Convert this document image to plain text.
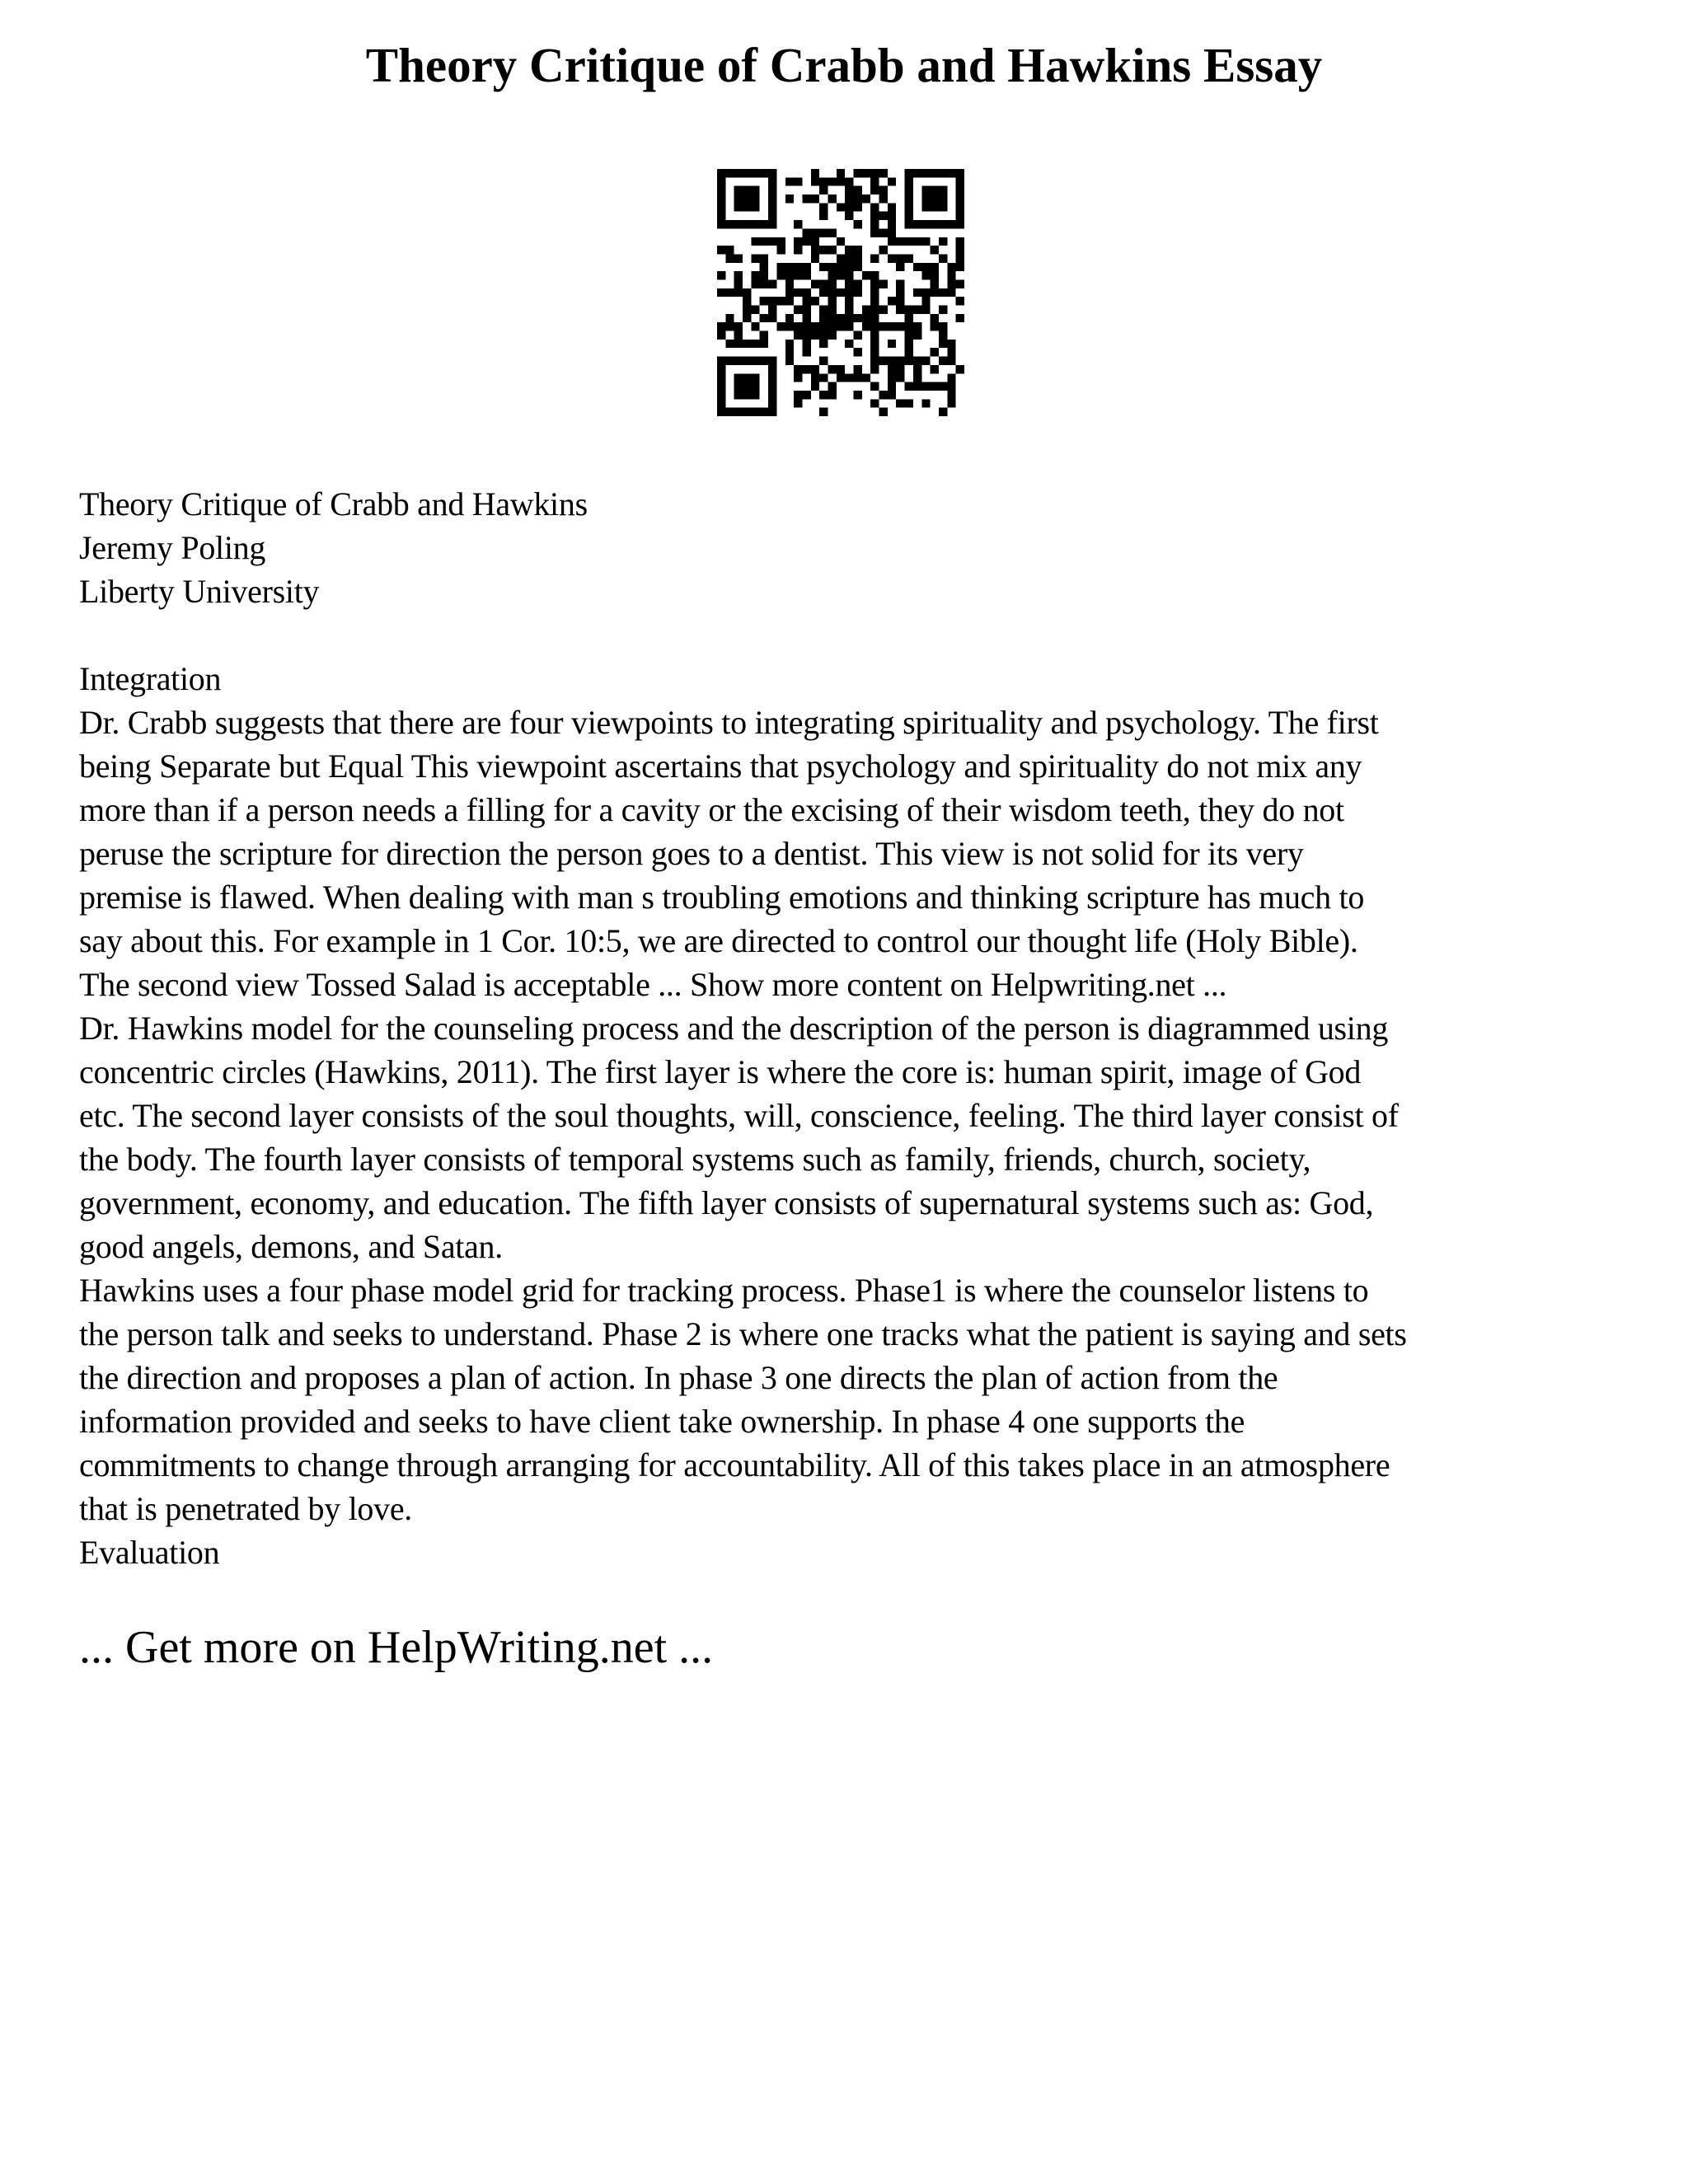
Theory Critique of Crabb and Hawkins Essay
Theory Critique of Crabb and Hawkins
Jeremy Poling
Liberty University
Integration
Dr. Crabb suggests that there are four viewpoints to integrating spirituality and psychology. The first
being Separate but Equal This viewpoint ascertains that psychology and spirituality do not mix any
more than if a person needs a filling for a cavity or the excising of their wisdom teeth, they do not
peruse the scripture for direction the person goes to a dentist. This view is not solid for its very
premise is flawed. When dealing with man s troubling emotions and thinking scripture has much to
say about this. For example in 1 Cor. 10:5, we are directed to control our thought life (Holy Bible).
The second view Tossed Salad is acceptable ... Show more content on Helpwriting.net ...
Dr. Hawkins model for the counseling process and the description of the person is diagrammed using
concentric circles (Hawkins, 2011). The first layer is where the core is: human spirit, image of God
etc. The second layer consists of the soul thoughts, will, conscience, feeling. The third layer consist of
the body. The fourth layer consists of temporal systems such as family, friends, church, society,
government, economy, and education. The fifth layer consists of supernatural systems such as: God,
good angels, demons, and Satan.
Hawkins uses a four phase model grid for tracking process. Phase1 is where the counselor listens to
the person talk and seeks to understand. Phase 2 is where one tracks what the patient is saying and sets
the direction and proposes a plan of action. In phase 3 one directs the plan of action from the
information provided and seeks to have client take ownership. In phase 4 one supports the
commitments to change through arranging for accountability. All of this takes place in an atmosphere
that is penetrated by love.
Evaluation

... Get more on HelpWriting.net ...
